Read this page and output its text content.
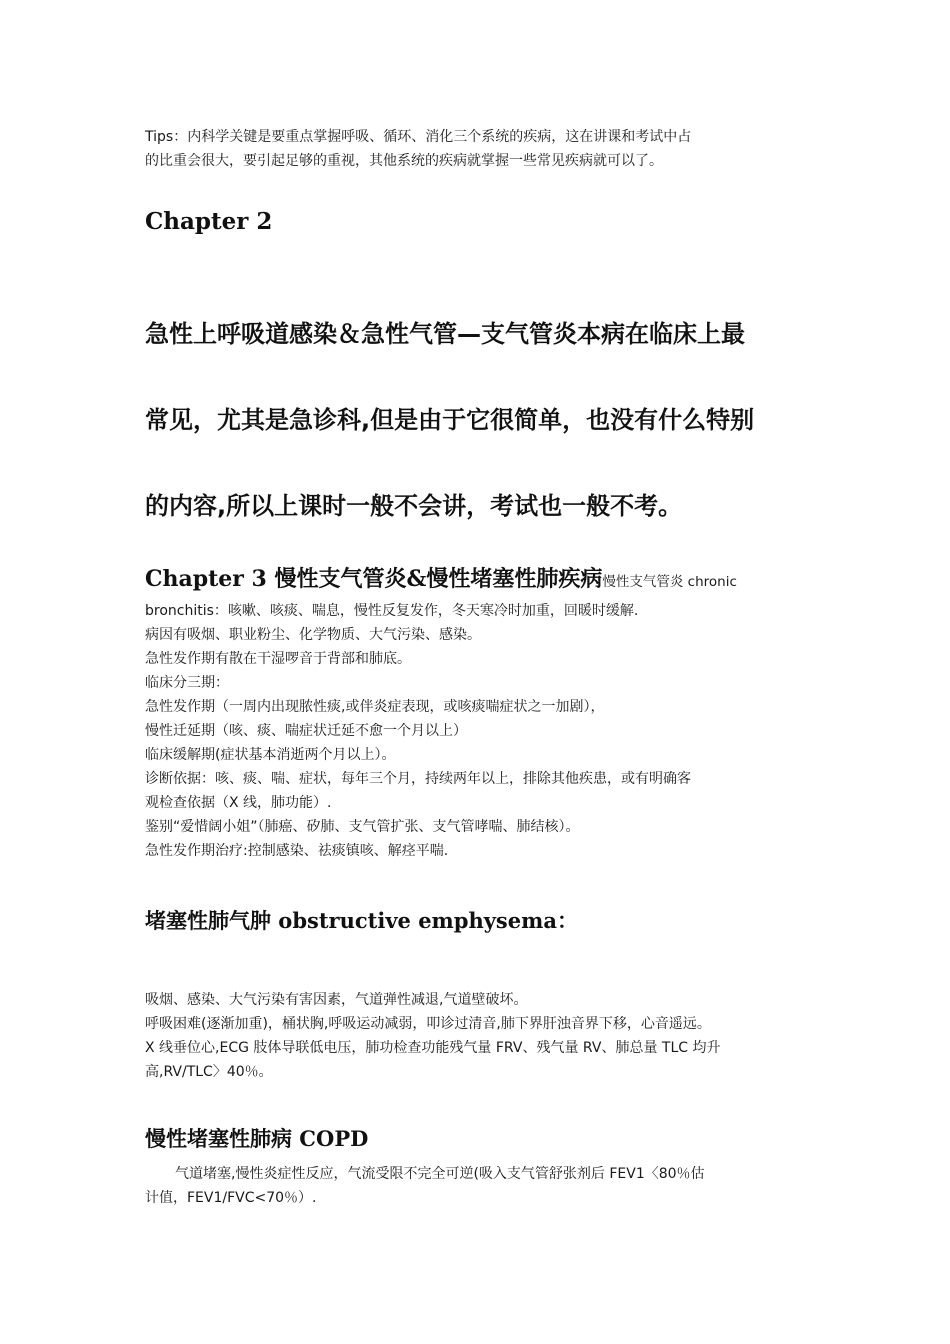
Tips：内科学关键是要重点掌握呼吸、循环、消化三个系统的疾病，这在讲课和考试中占
的比重会很大，要引起足够的重视，其他系统的疾病就掌握一些常见疾病就可以了。
Chapter 2
急性上呼吸道感染＆急性气管—支气管炎本病在临床上最
常见，尤其是急诊科,但是由于它很简单，也没有什么特别
的内容,所以上课时一般不会讲，考试也一般不考。
Chapter 3 慢性支气管炎&慢性堵塞性肺疾病慢性支气管炎 chronic
bronchitis：咳嗽、咳痰、喘息，慢性反复发作，冬天寒冷时加重，回暖时缓解.
病因有吸烟、职业粉尘、化学物质、大气污染、感染。
急性发作期有散在干湿啰音于背部和肺底。
临床分三期：
急性发作期（一周内出现脓性痰,或伴炎症表现，或咳痰喘症状之一加剧），
慢性迁延期（咳、痰、喘症状迁延不愈一个月以上）
临床缓解期(症状基本消逝两个月以上）。
诊断依据：咳、痰、喘、症状，每年三个月，持续两年以上，排除其他疾患，或有明确客
观检查依据（X 线，肺功能）.
鉴别“爱惜阔小姐”（肺癌、矽肺、支气管扩张、支气管哮喘、肺结核）。
急性发作期治疗:控制感染、祛痰镇咳、解痉平喘.
堵塞性肺气肿 obstructive emphysema：
吸烟、感染、大气污染有害因素，气道弹性减退,气道壁破坏。
呼吸困难(逐渐加重)，桶状胸,呼吸运动减弱，叩诊过清音,肺下界肝浊音界下移，心音遥远。
X 线垂位心,ECG 肢体导联低电压，肺功检查功能残气量 FRV、残气量 RV、肺总量 TLC 均升
高,RV/TLC〉40％。
慢性堵塞性肺病 COPD
气道堵塞,慢性炎症性反应，气流受限不完全可逆(吸入支气管舒张剂后 FEV1〈80％估
计值，FEV1/FVC<70％）.
